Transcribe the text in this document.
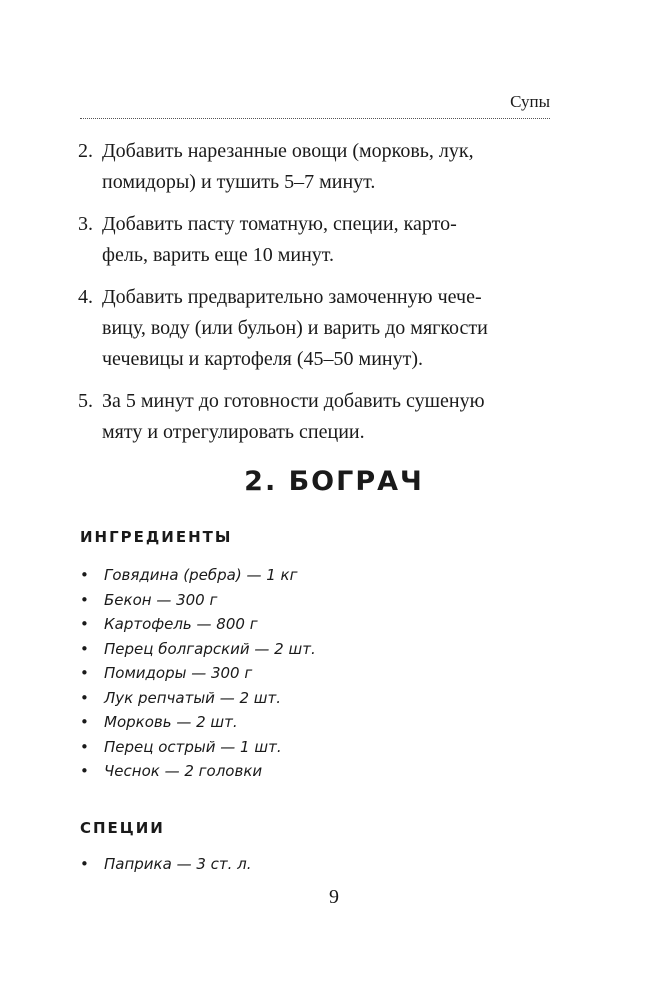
Супы
2. Добавить нарезанные овощи (морковь, лук,
помидоры) и тушить 5–7 минут.
3. Добавить пасту томатную, специи, карто-
фель, варить еще 10 минут.
4. Добавить предварительно замоченную чече-
вицу, воду (или бульон) и варить до мягкости
чечевицы и картофеля (45–50 минут).
5. За 5 минут до готовности добавить сушеную
мяту и отрегулировать специи.
2. БОГРАЧ
ИНГРЕДИЕНТЫ
• Говядина (ребра) — 1 кг
• Бекон — 300 г
• Картофель — 800 г
• Перец болгарский — 2 шт.
• Помидоры — 300 г
• Лук репчатый — 2 шт.
• Морковь — 2 шт.
• Перец острый — 1 шт.
• Чеснок — 2 головки
СПЕЦИИ
• Паприка — 3 ст. л.
9
